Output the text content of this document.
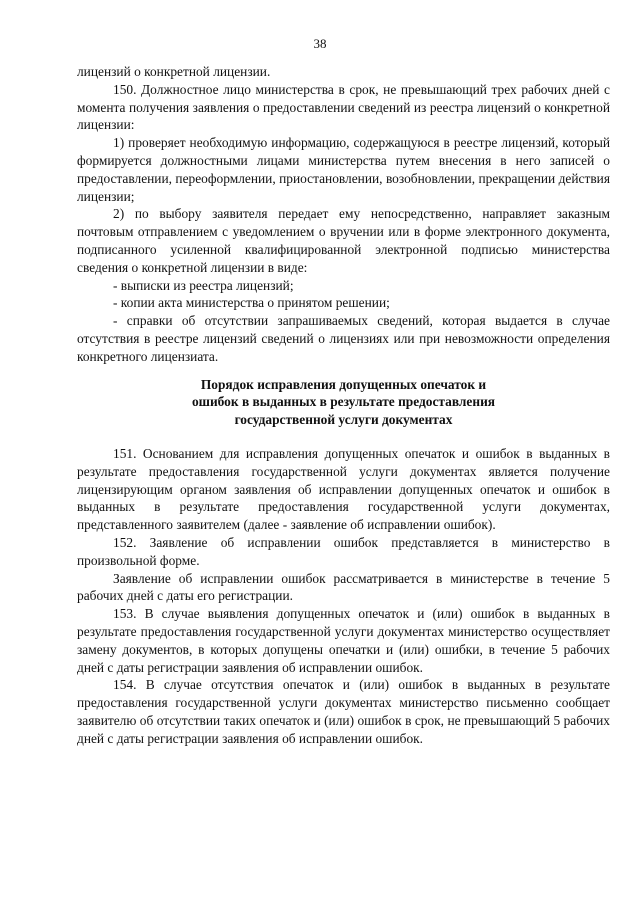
38

лицензий о конкретной лицензии.

150. Должностное лицо министерства в срок, не превышающий трех рабочих дней с момента получения заявления о предоставлении сведений из реестра лицензий о конкретной лицензии:

1) проверяет необходимую информацию, содержащуюся в реестре лицензий, который формируется должностными лицами министерства путем внесения в него записей о предоставлении, переоформлении, приостановлении, возобновлении, прекращении действия лицензии;

2) по выбору заявителя передает ему непосредственно, направляет заказным почтовым отправлением с уведомлением о вручении или в форме электронного документа, подписанного усиленной квалифицированной электронной подписью министерства сведения о конкретной лицензии в виде:

- выписки из реестра лицензий;

- копии акта министерства о принятом решении;

- справки об отсутствии запрашиваемых сведений, которая выдается в случае отсутствия в реестре лицензий сведений о лицензиях или при невозможности определения конкретного лицензиата.

Порядок исправления допущенных опечаток и
ошибок в выданных в результате предоставления
государственной услуги документах

151. Основанием для исправления допущенных опечаток и ошибок в выданных в результате предоставления государственной услуги документах является получение лицензирующим органом заявления об исправлении допущенных опечаток и ошибок в выданных в результате предоставления государственной услуги документах, представленного заявителем (далее - заявление об исправлении ошибок).

152. Заявление об исправлении ошибок представляется в министерство в произвольной форме.

Заявление об исправлении ошибок рассматривается в министерстве в течение 5 рабочих дней с даты его регистрации.

153. В случае выявления допущенных опечаток и (или) ошибок в выданных в результате предоставления государственной услуги документах министерство осуществляет замену документов, в которых допущены опечатки и (или) ошибки, в течение 5 рабочих дней с даты регистрации заявления об исправлении ошибок.

154. В случае отсутствия опечаток и (или) ошибок в выданных в результате предоставления государственной услуги документах министерство письменно сообщает заявителю об отсутствии таких опечаток и (или) ошибок в срок, не превышающий 5 рабочих дней с даты регистрации заявления об исправлении ошибок.
